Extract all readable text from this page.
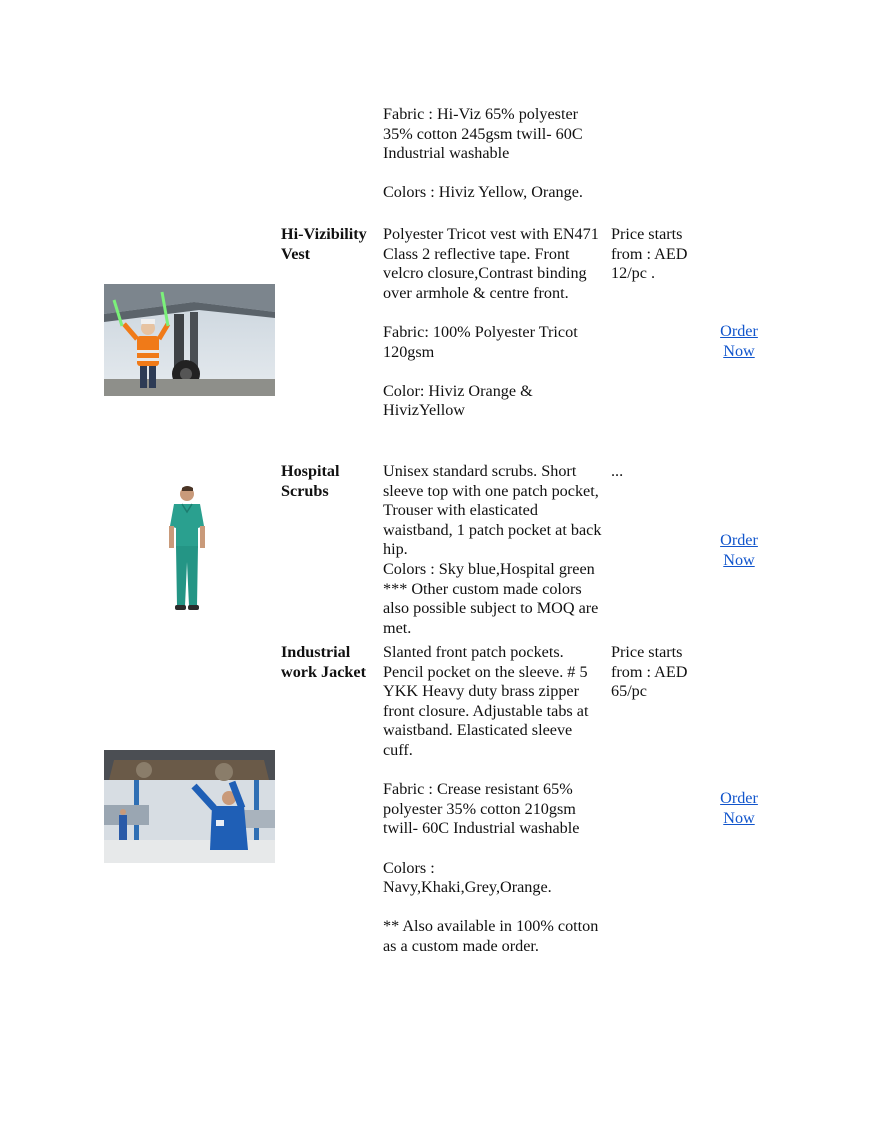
Fabric : Hi-Viz 65% polyester 35% cotton 245gsm twill- 60C Industrial washable

Colors : Hiviz Yellow, Orange.

Hi-Vizibility Vest

Polyester Tricot vest with EN471 Class 2 reflective tape. Front velcro closure,Contrast binding over armhole & centre front.

Fabric: 100% Polyester Tricot 120gsm

Color: Hiviz Orange & HivizYellow

Price starts from : AED 12/pc .
Order Now
Hospital Scrubs

Unisex standard scrubs. Short sleeve top with one patch pocket, Trouser with elasticated waistband, 1 patch pocket at back hip.

Colors : Sky blue,Hospital green

*** Other custom made colors also possible subject to MOQ are met.

...
Order Now
Industrial work Jacket

Slanted front patch pockets. Pencil pocket on the sleeve. # 5 YKK Heavy duty brass zipper front closure. Adjustable tabs at waistband. Elasticated sleeve cuff.

Fabric : Crease resistant 65% polyester 35% cotton 210gsm twill- 60C Industrial washable

Colors : Navy,Khaki,Grey,Orange.

** Also available in 100% cotton as a custom made order.

Price starts from : AED 65/pc
Order Now
